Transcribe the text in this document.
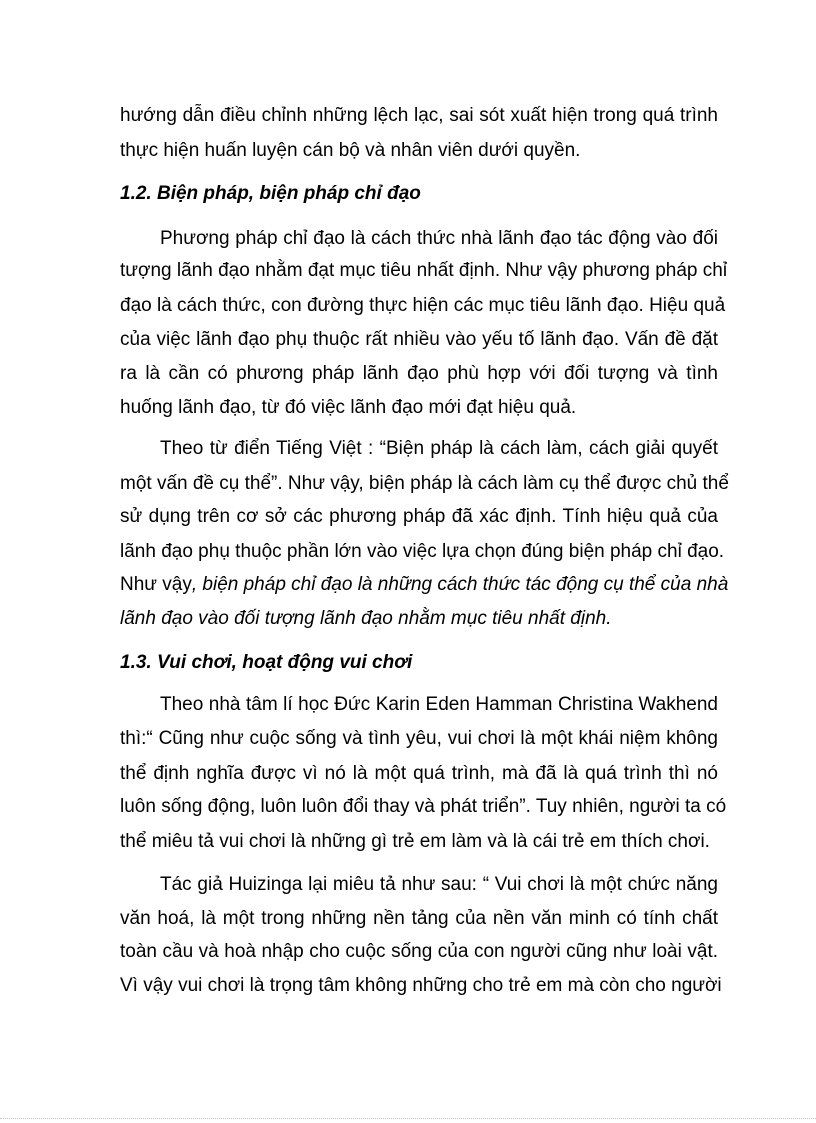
hướng dẫn điều chỉnh những lệch lạc, sai sót xuất hiện trong quá trình
thực hiện huấn luyện cán bộ và nhân viên dưới quyền.
1.2. Biện pháp, biện pháp chỉ đạo
Phương pháp chỉ đạo là cách thức nhà lãnh đạo tác động vào đối
tượng lãnh đạo nhằm đạt mục tiêu nhất định. Như vậy phương pháp chỉ
đạo là cách thức, con đường thực hiện các mục tiêu lãnh đạo. Hiệu quả
của việc lãnh đạo phụ thuộc rất nhiều vào yếu tố lãnh đạo. Vấn đề đặt
ra là cần có phương pháp lãnh đạo phù hợp với đối tượng và tình
huống lãnh đạo, từ đó việc lãnh đạo mới đạt hiệu quả.
Theo từ điển Tiếng Việt : “Biện pháp là cách làm, cách giải quyết
một vấn đề cụ thể”. Như vậy, biện pháp là cách làm cụ thể được chủ thể
sử dụng trên cơ sở các phương pháp đã xác định. Tính hiệu quả của
lãnh đạo phụ thuộc phần lớn vào việc lựa chọn đúng biện pháp chỉ đạo.
Như vậy, biện pháp chỉ đạo là những cách thức tác động cụ thể của nhà
lãnh đạo vào đối tượng lãnh đạo nhằm mục tiêu nhất định.
1.3. Vui chơi, hoạt động vui chơi
Theo nhà tâm lí học Đức Karin Eden Hamman Christina Wakhend
thì:“ Cũng như cuộc sống và tình yêu, vui chơi là một khái niệm không
thể định nghĩa được vì nó là một quá trình, mà đã là quá trình thì nó
luôn sống động, luôn luôn đổi thay và phát triển”. Tuy nhiên, người ta có
thể miêu tả vui chơi là những gì trẻ em làm và là cái trẻ em thích chơi.
Tác giả Huizinga lại miêu tả như sau: “ Vui chơi là một chức năng
văn hoá, là một trong những nền tảng của nền văn minh có tính chất
toàn cầu và hoà nhập cho cuộc sống của con người cũng như loài vật.
Vì vậy vui chơi là trọng tâm không những cho trẻ em mà còn cho người
